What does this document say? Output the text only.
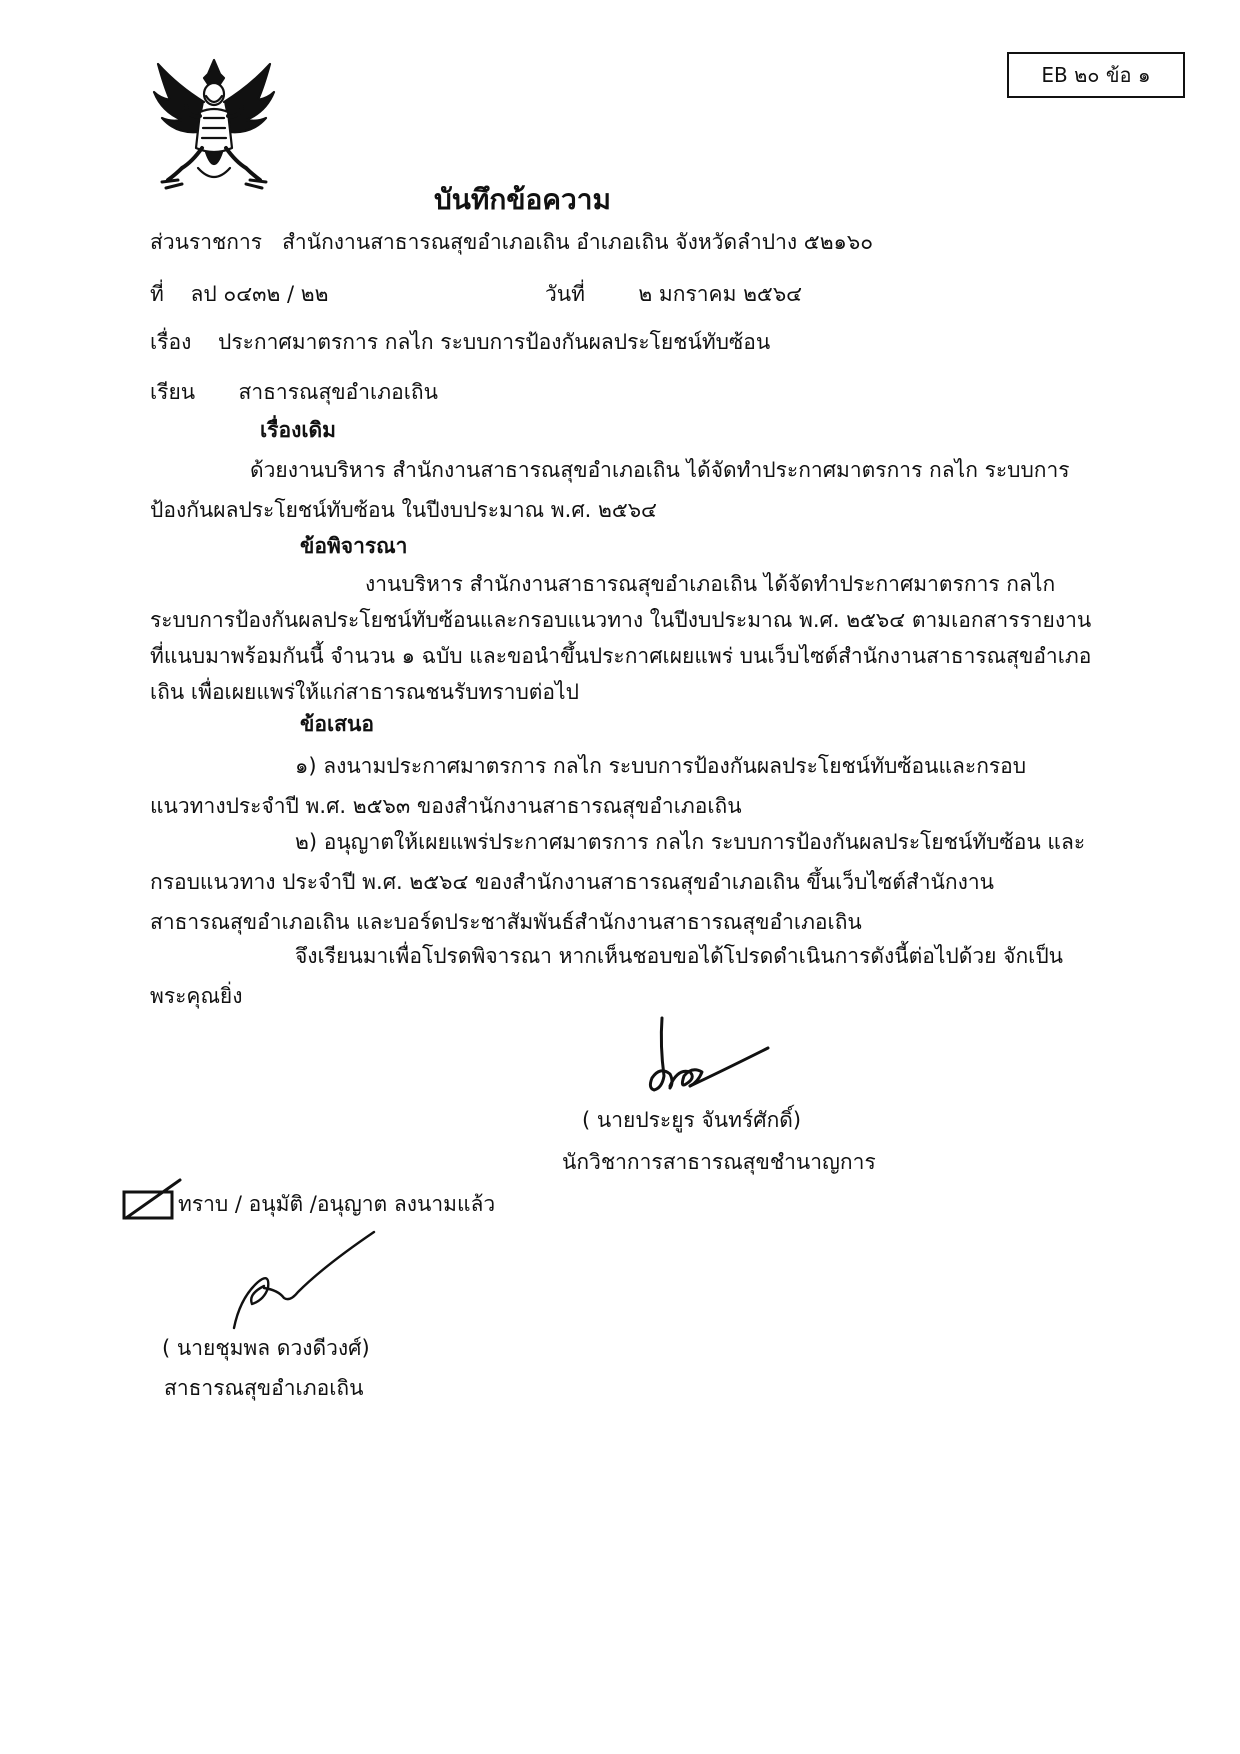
EB ๒๐ ข้อ ๑
บันทึกข้อความ
ส่วนราชการ สำนักงานสาธารณสุขอำเภอเถิน อำเภอเถิน จังหวัดลำปาง ๕๒๑๖๐
ที่ ลป ๐๔๓๒ / ๒๒	วันที่	๒ มกราคม ๒๕๖๔
เรื่อง ประกาศมาตรการ กลไก ระบบการป้องกันผลประโยชน์ทับซ้อน
เรียน สาธารณสุขอำเภอเถิน
เรื่องเดิม
ด้วยงานบริหาร สำนักงานสาธารณสุขอำเภอเถิน ได้จัดทำประกาศมาตรการ กลไก ระบบการป้องกันผลประโยชน์ทับซ้อน ในปีงบประมาณ พ.ศ. ๒๕๖๔
ข้อพิจารณา
งานบริหาร สำนักงานสาธารณสุขอำเภอเถิน ได้จัดทำประกาศมาตรการ กลไก ระบบการป้องกันผลประโยชน์ทับซ้อนและกรอบแนวทาง ในปีงบประมาณ พ.ศ. ๒๕๖๔ ตามเอกสารรายงานที่แนบมาพร้อมกันนี้ จำนวน ๑ ฉบับ และขอนำขึ้นประกาศเผยแพร่ บนเว็บไซต์สำนักงานสาธารณสุขอำเภอเถิน เพื่อเผยแพร่ให้แก่สาธารณชนรับทราบต่อไป
ข้อเสนอ
๑) ลงนามประกาศมาตรการ กลไก ระบบการป้องกันผลประโยชน์ทับซ้อนและกรอบแนวทางประจำปี พ.ศ. ๒๕๖๓ ของสำนักงานสาธารณสุขอำเภอเถิน
๒) อนุญาตให้เผยแพร่ประกาศมาตรการ กลไก ระบบการป้องกันผลประโยชน์ทับซ้อน และกรอบแนวทาง ประจำปี พ.ศ. ๒๕๖๔ ของสำนักงานสาธารณสุขอำเภอเถิน ขึ้นเว็บไซต์สำนักงานสาธารณสุขอำเภอเถิน และบอร์ดประชาสัมพันธ์สำนักงานสาธารณสุขอำเภอเถิน
จึงเรียนมาเพื่อโปรดพิจารณา หากเห็นชอบขอได้โปรดดำเนินการดังนี้ต่อไปด้วย จักเป็นพระคุณยิ่ง
( นายประยูร จันทร์ศักดิ์)
นักวิชาการสาธารณสุขชำนาญการ
ทราบ / อนุมัติ /อนุญาต ลงนามแล้ว
( นายชุมพล ดวงดีวงศ์)
สาธารณสุขอำเภอเถิน
